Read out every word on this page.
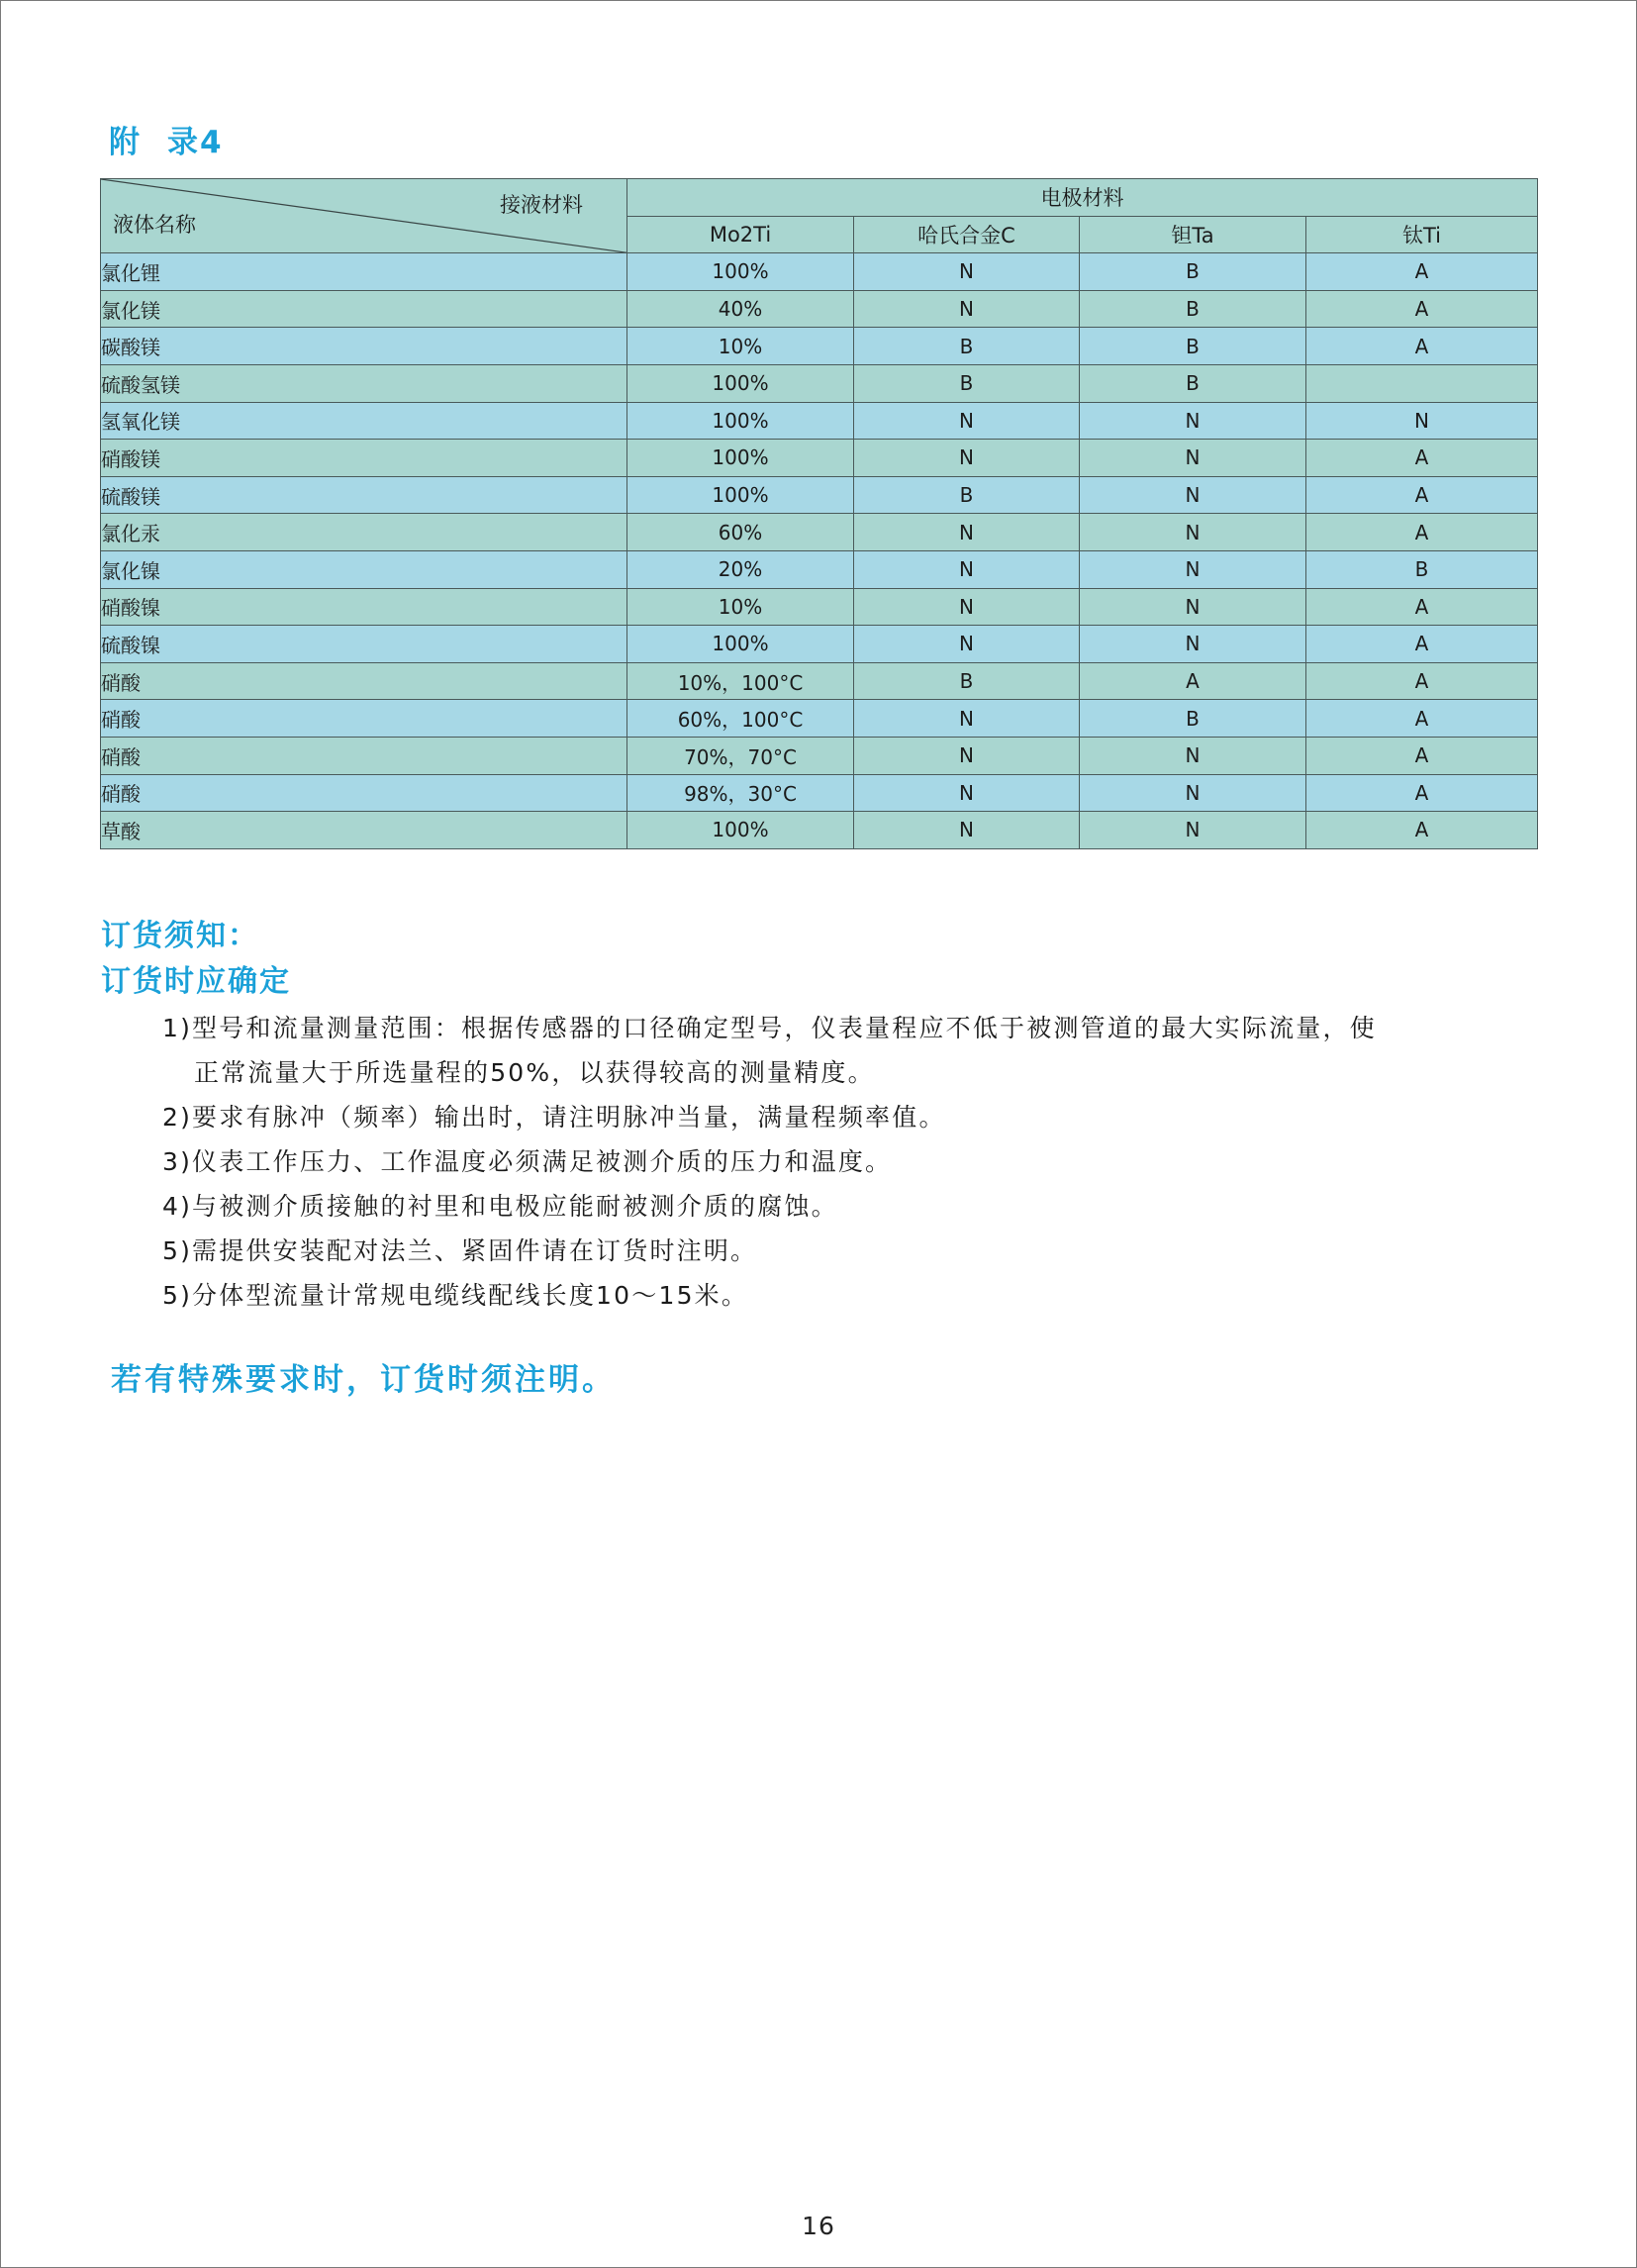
附 录4
接液材料
液体名称	电极材料			
	Mo2Ti	哈氏合金C	钽Ta	钛Ti
氯化锂	100%	N	B	A
氯化镁	40%	N	B	A
碳酸镁	10%	B	B	A
硫酸氢镁	100%	B	B	
氢氧化镁	100%	N	N	N
硝酸镁	100%	N	N	A
硫酸镁	100%	B	N	A
氯化汞	60%	N	N	A
氯化镍	20%	N	N	B
硝酸镍	10%	N	N	A
硫酸镍	100%	N	N	A
硝酸	10%，100°C	B	A	A
硝酸	60%，100°C	N	B	A
硝酸	70%，70°C	N	N	A
硝酸	98%，30°C	N	N	A
草酸	100%	N	N	A
订货须知：
订货时应确定

1)型号和流量测量范围：根据传感器的口径确定型号，仪表量程应不低于被测管道的最大实际流量，使

正常流量大于所选量程的50%，以获得较高的测量精度。

2)要求有脉冲（频率）输出时，请注明脉冲当量，满量程频率值。

3)仪表工作压力、工作温度必须满足被测介质的压力和温度。

4)与被测介质接触的衬里和电极应能耐被测介质的腐蚀。

5)需提供安装配对法兰、紧固件请在订货时注明。

5)分体型流量计常规电缆线配线长度10～15米。

若有特殊要求时，订货时须注明。
16
